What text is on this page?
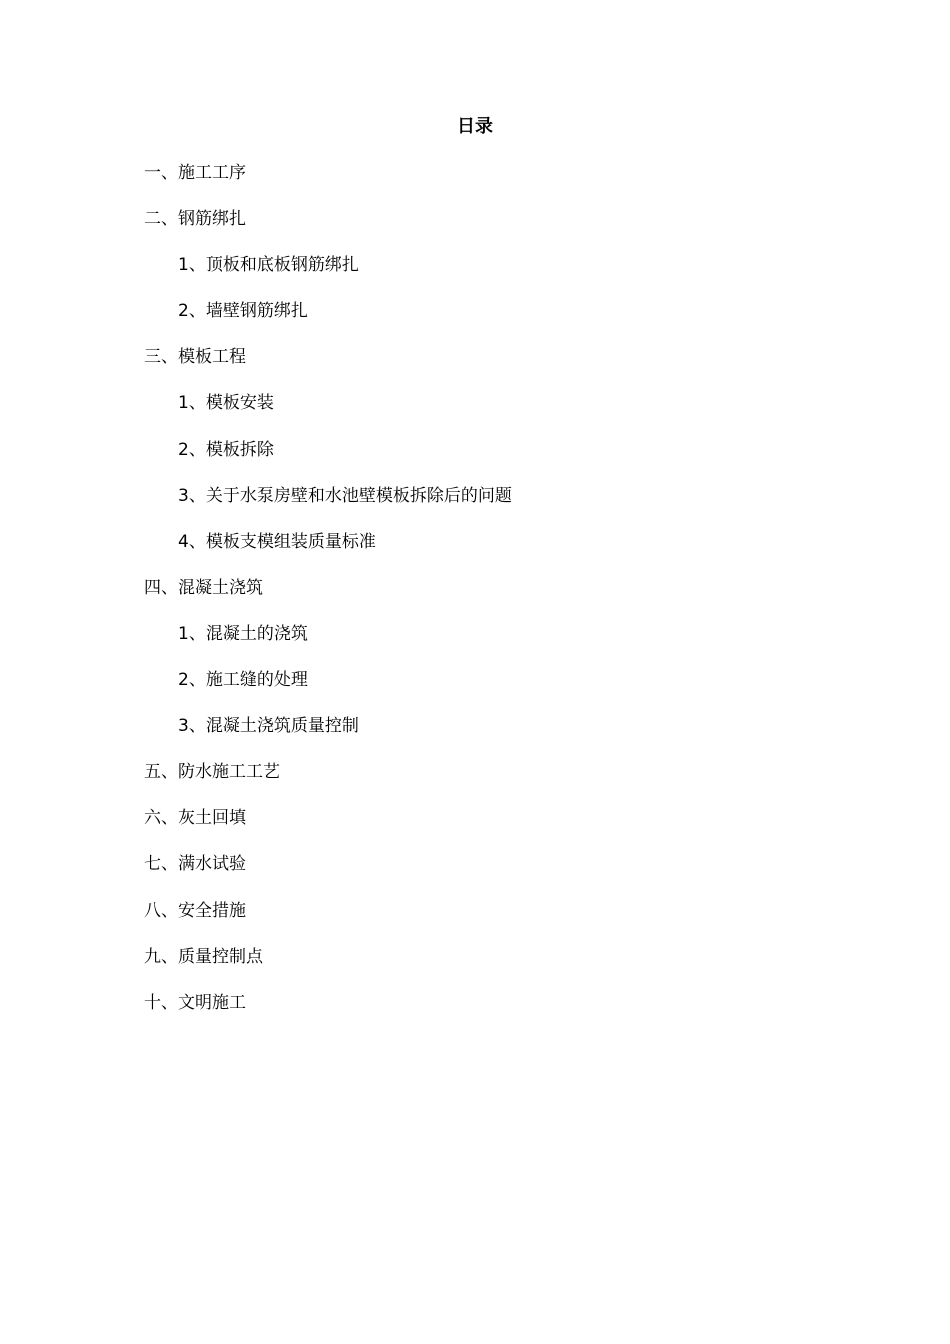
日录
一、施工工序
二、钢筋绑扎
1、顶板和底板钢筋绑扎
2、墙壁钢筋绑扎
三、模板工程
1、模板安装
2、模板拆除
3、关于水泵房壁和水池壁模板拆除后的问题
4、模板支模组装质量标准
四、混凝土浇筑
1、混凝土的浇筑
2、施工缝的处理
3、混凝土浇筑质量控制
五、防水施工工艺
六、灰土回填
七、满水试验
八、安全措施
九、质量控制点
十、文明施工
